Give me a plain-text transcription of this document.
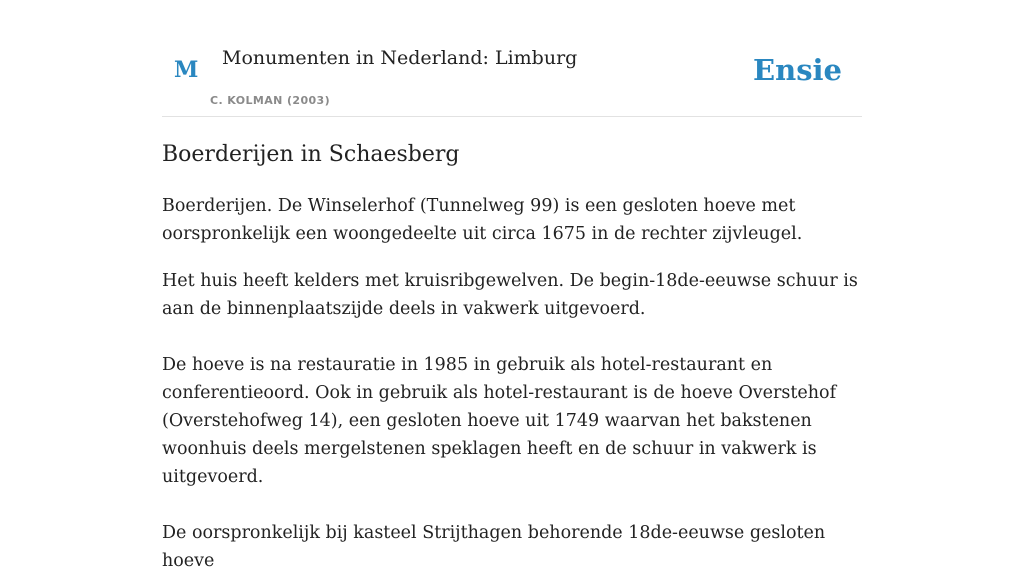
M Monumenten in Nederland: Limburg
C. KOLMAN (2003)
Ensie
Boerderijen in Schaesberg

Boerderijen. De Winselerhof (Tunnelweg 99) is een gesloten hoeve met oorspronkelijk een woongedeelte uit circa 1675 in de rechter zijvleugel.

Het huis heeft kelders met kruisribgewelven. De begin-18de-eeuwse schuur is aan de binnenplaatszijde deels in vakwerk uitgevoerd.

De hoeve is na restauratie in 1985 in gebruik als hotel-restaurant en conferentieoord. Ook in gebruik als hotel-restaurant is de hoeve Overstehof (Overstehofweg 14), een gesloten hoeve uit 1749 waarvan het bakstenen woonhuis deels mergelstenen speklagen heeft en de schuur in vakwerk is uitgevoerd.

De oorspronkelijk bij kasteel Strijthagen behorende 18de-eeuwse gesloten hoeve
